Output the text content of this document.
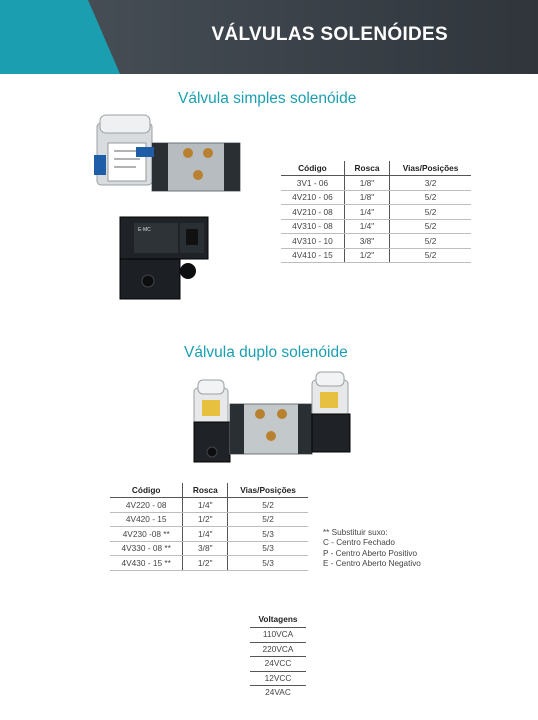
VÁLVULAS SOLENÓIDES
Válvula simples solenóide
E·MC
Código	Rosca	Vias/Posições
3V1 - 06	1/8"	3/2
4V210 - 06	1/8"	5/2
4V210 - 08	1/4"	5/2
4V310 - 08	1/4"	5/2
4V310 - 10	3/8"	5/2
4V410 - 15	1/2"	5/2
Válvula duplo solenóide
Código	Rosca	Vias/Posições
4V220 - 08	1/4"	5/2
4V420 - 15	1/2"	5/2
4V230 -08 **	1/4"	5/3
4V330 - 08 **	3/8"	5/3
4V430 - 15 **	1/2''	5/3
** Substituir suxo:
C - Centro Fechado
P - Centro Aberto Positivo
E - Centro Aberto Negativo
Voltagens
110VCA
220VCA
24VCC
12VCC
24VAC
